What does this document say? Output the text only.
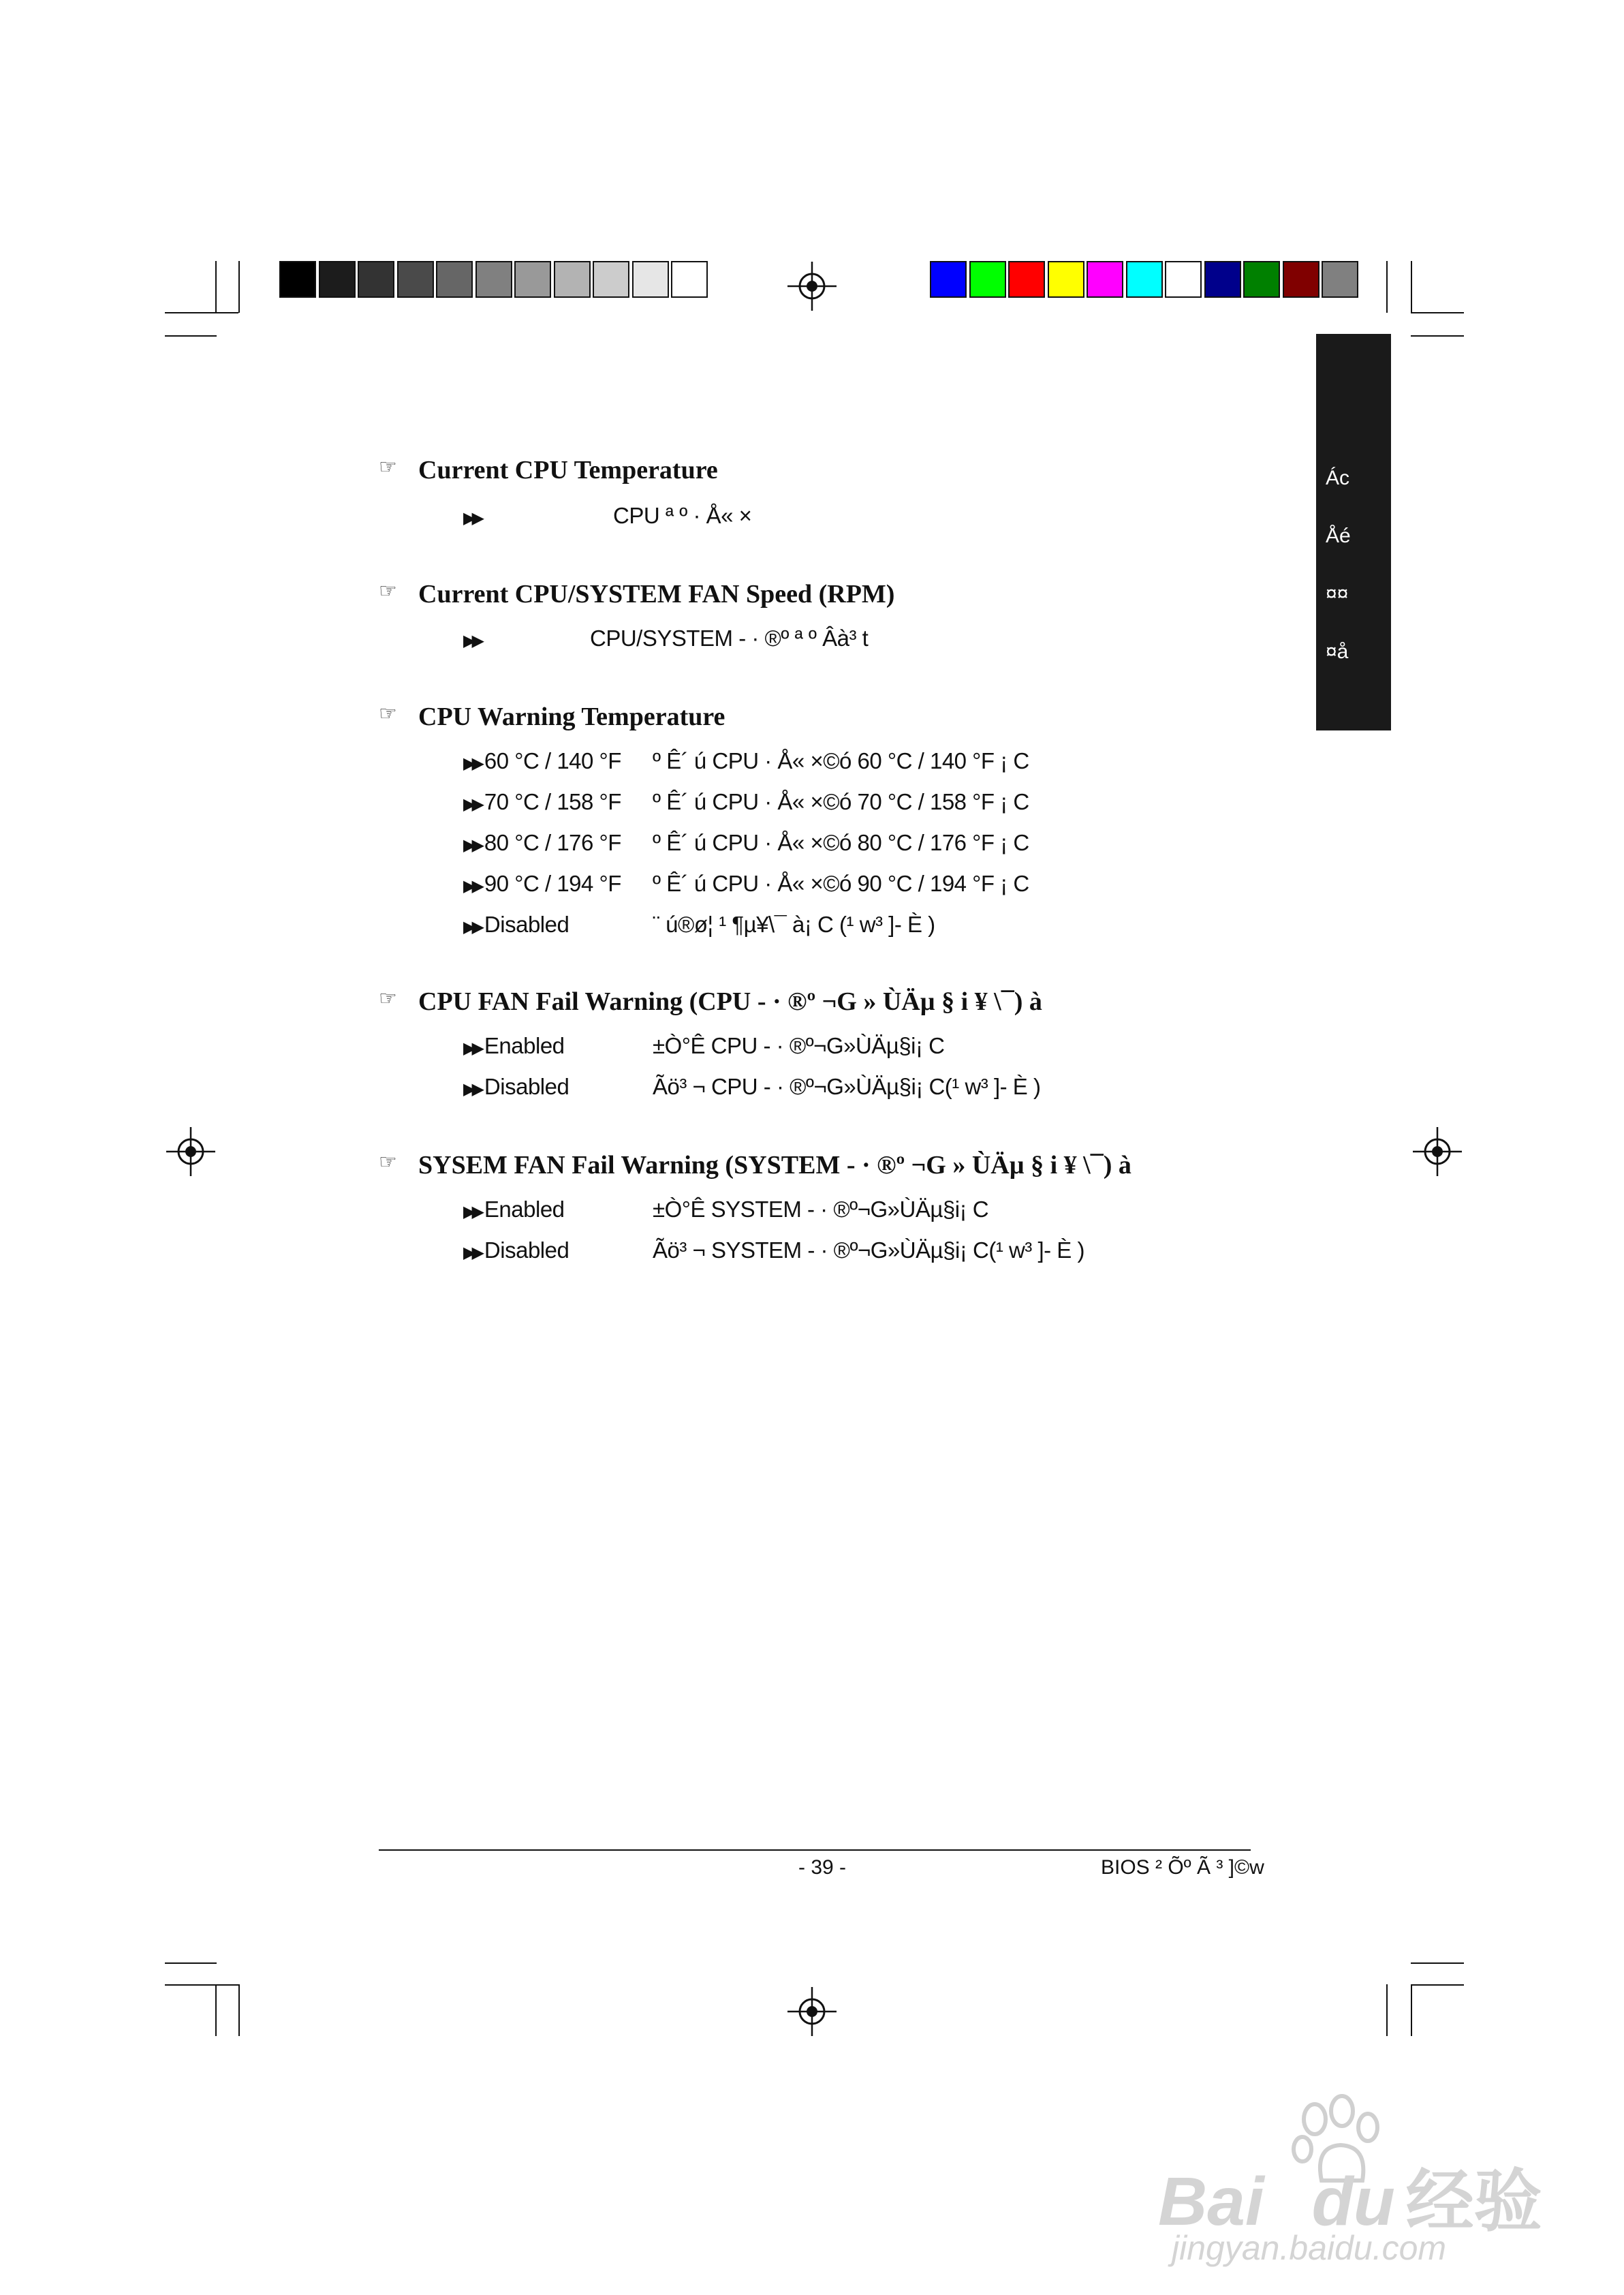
Ác
Åé
¤¤
¤å
☞ Current CPU Temperature
▶▶	CPU ª º · Å« ×
☞ Current CPU/SYSTEM FAN Speed (RPM)
▶▶	CPU/SYSTEM - · ®º ª º Âà³ t
☞ CPU Warning Temperature
▶▶ 60 °C / 140 °F º Ê´ ú CPU · Å« ×©ó 60 °C / 140 °F ¡ C
▶▶ 70 °C / 158 °F º Ê´ ú CPU · Å« ×©ó 70 °C / 158 °F ¡ C
▶▶ 80 °C / 176 °F º Ê´ ú CPU · Å« ×©ó 80 °C / 176 °F ¡ C
▶▶ 90 °C / 194 °F º Ê´ ú CPU · Å« ×©ó 90 °C / 194 °F ¡ C
▶▶ Disabled	¨ ú®ø¦ ¹ ¶µ¥\¯ à¡ C (¹ w³ ]- È )
☞ CPU FAN Fail Warning (CPU - · ®º ¬G » ÙÄµ § i ¥ \¯) à
▶▶ Enabled	±Ò°Ê CPU - · ®º¬G»ÙÄµ§i¡ C
▶▶ Disabled	Ãö³ ¬ CPU - · ®º¬G»ÙÄµ§i¡ C(¹ w³ ]- È )
☞ SYSEM FAN Fail Warning (SYSTEM - · ®º ¬G » ÙÄµ § i ¥ \¯) à
▶▶ Enabled	±Ò°Ê SYSTEM - · ®º¬G»ÙÄµ§i¡ C
▶▶ Disabled	Ãö³ ¬ SYSTEM - · ®º¬G»ÙÄµ§i¡ C(¹ w³ ]- È )
- 39 -	BIOS ² Õº Ã ³ ]©w
Bai du 经验
jingyan.baidu.com
